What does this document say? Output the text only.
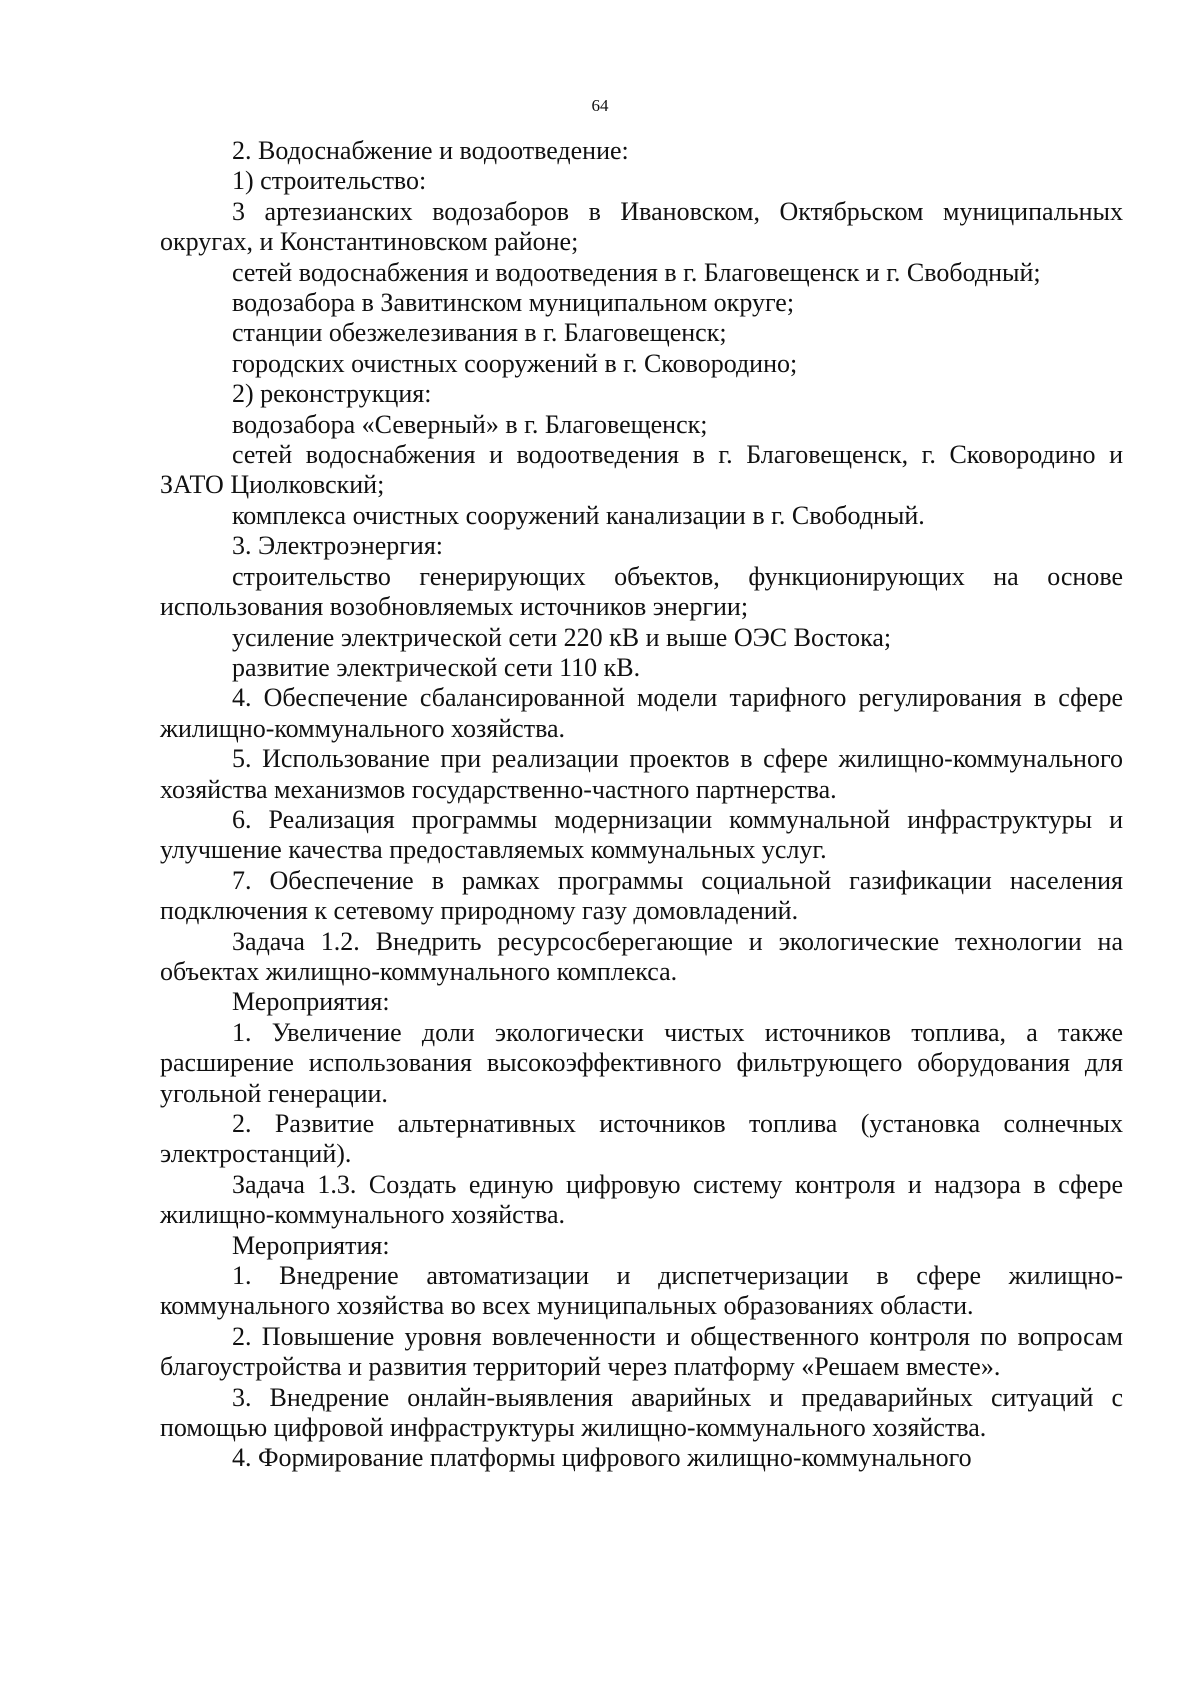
64

2. Водоснабжение и водоотведение:

1) строительство:

3 артезианских водозаборов в Ивановском, Октябрьском муниципальных округах, и Константиновском районе;

сетей водоснабжения и водоотведения в г. Благовещенск и г. Свободный;

водозабора в Завитинском муниципальном округе;

станции обезжелезивания в г. Благовещенск;

городских очистных сооружений в г. Сковородино;

2) реконструкция:

водозабора «Северный» в г. Благовещенск;

сетей водоснабжения и водоотведения в г. Благовещенск, г. Сковородино и ЗАТО Циолковский;

комплекса очистных сооружений канализации в г. Свободный.

3. Электроэнергия:

строительство генерирующих объектов, функционирующих на основе использования возобновляемых источников энергии;

усиление электрической сети 220 кВ и выше ОЭС Востока;

развитие электрической сети 110 кВ.

4. Обеспечение сбалансированной модели тарифного регулирования в сфере жилищно-коммунального хозяйства.

5. Использование при реализации проектов в сфере жилищно-коммунального хозяйства механизмов государственно-частного партнерства.

6. Реализация программы модернизации коммунальной инфраструктуры и улучшение качества предоставляемых коммунальных услуг.

7. Обеспечение в рамках программы социальной газификации населения подключения к сетевому природному газу домовладений.

Задача 1.2. Внедрить ресурсосберегающие и экологические технологии на объектах жилищно-коммунального комплекса.

Мероприятия:

1. Увеличение доли экологически чистых источников топлива, а также расширение использования высокоэффективного фильтрующего оборудования для угольной генерации.

2. Развитие альтернативных источников топлива (установка солнечных электростанций).

Задача 1.3. Создать единую цифровую систему контроля и надзора в сфере жилищно-коммунального хозяйства.

Мероприятия:

1. Внедрение автоматизации и диспетчеризации в сфере жилищно-коммунального хозяйства во всех муниципальных образованиях области.

2. Повышение уровня вовлеченности и общественного контроля по вопросам благоустройства и развития территорий через платформу «Решаем вместе».

3. Внедрение онлайн-выявления аварийных и предаварийных ситуаций с помощью цифровой инфраструктуры жилищно-коммунального хозяйства.

4. Формирование платформы цифрового жилищно-коммунального
